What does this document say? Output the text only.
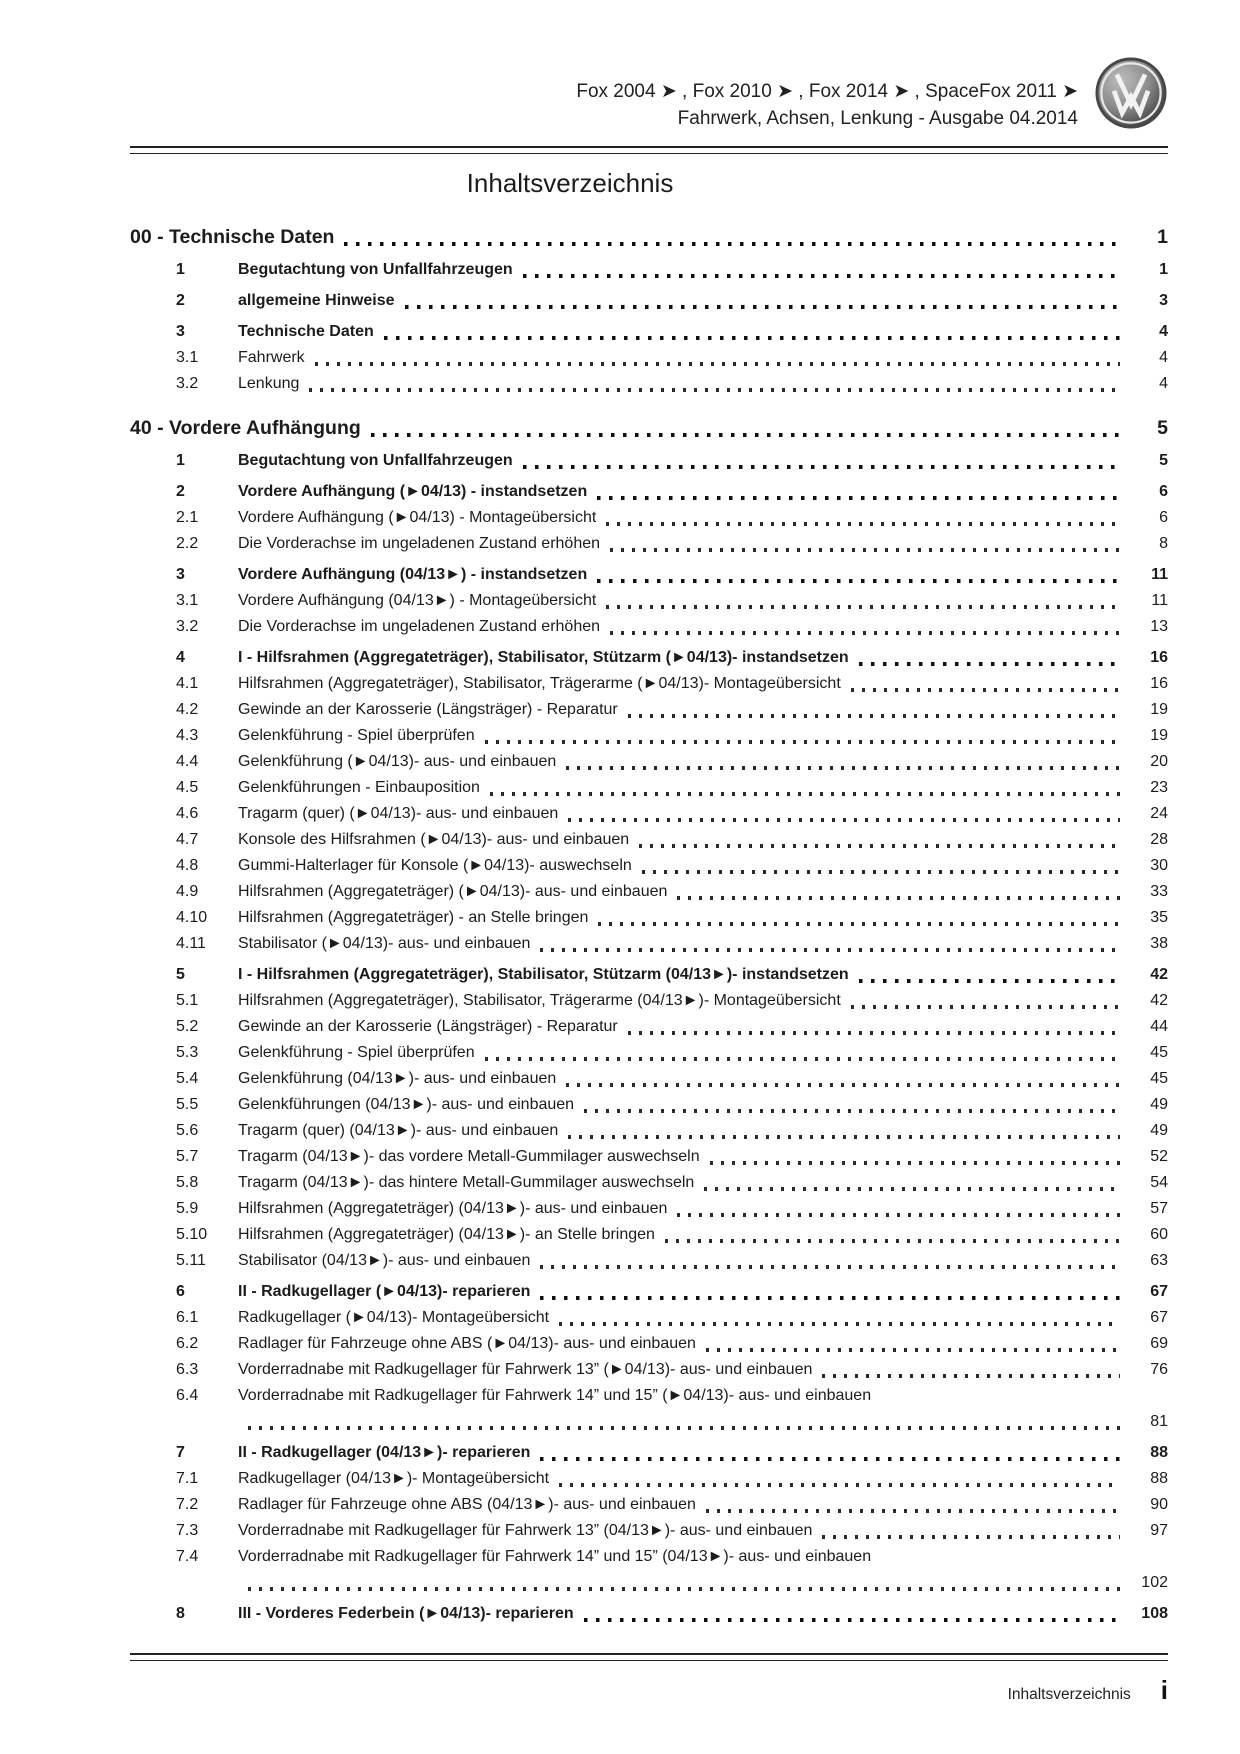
Fox 2004 ➤ , Fox 2010 ➤ , Fox 2014 ➤ , SpaceFox 2011 ➤
Fahrwerk, Achsen, Lenkung - Ausgabe 04.2014
Inhaltsverzeichnis
00 - Technische Daten	1
1	Begutachtung von Unfallfahrzeugen	1
2	allgemeine Hinweise	3
3	Technische Daten	4
3.1	Fahrwerk	4
3.2	Lenkung	4
40 - Vordere Aufhängung	5
1	Begutachtung von Unfallfahrzeugen	5
2	Vordere Aufhängung (►04/13) - instandsetzen	6
2.1	Vordere Aufhängung (►04/13) - Montageübersicht	6
2.2	Die Vorderachse im ungeladenen Zustand erhöhen	8
3	Vordere Aufhängung (04/13►) - instandsetzen	11
3.1	Vordere Aufhängung (04/13►) - Montageübersicht	11
3.2	Die Vorderachse im ungeladenen Zustand erhöhen	13
4	I - Hilfsrahmen (Aggregateträger), Stabilisator, Stützarm (►04/13)- instandsetzen	16
4.1	Hilfsrahmen (Aggregateträger), Stabilisator, Trägerarme (►04/13)- Montageübersicht	16
4.2	Gewinde an der Karosserie (Längsträger) - Reparatur	19
4.3	Gelenkführung - Spiel überprüfen	19
4.4	Gelenkführung (►04/13)- aus- und einbauen	20
4.5	Gelenkführungen - Einbauposition	23
4.6	Tragarm (quer) (►04/13)- aus- und einbauen	24
4.7	Konsole des Hilfsrahmen (►04/13)- aus- und einbauen	28
4.8	Gummi-Halterlager für Konsole (►04/13)- auswechseln	30
4.9	Hilfsrahmen (Aggregateträger) (►04/13)- aus- und einbauen	33
4.10	Hilfsrahmen (Aggregateträger) - an Stelle bringen	35
4.11	Stabilisator (►04/13)- aus- und einbauen	38
5	I - Hilfsrahmen (Aggregateträger), Stabilisator, Stützarm (04/13►)- instandsetzen	42
5.1	Hilfsrahmen (Aggregateträger), Stabilisator, Trägerarme (04/13►)- Montageübersicht	42
5.2	Gewinde an der Karosserie (Längsträger) - Reparatur	44
5.3	Gelenkführung - Spiel überprüfen	45
5.4	Gelenkführung (04/13►)- aus- und einbauen	45
5.5	Gelenkführungen (04/13►)- aus- und einbauen	49
5.6	Tragarm (quer) (04/13►)- aus- und einbauen	49
5.7	Tragarm (04/13►)- das vordere Metall-Gummilager auswechseln	52
5.8	Tragarm (04/13►)- das hintere Metall-Gummilager auswechseln	54
5.9	Hilfsrahmen (Aggregateträger) (04/13►)- aus- und einbauen	57
5.10	Hilfsrahmen (Aggregateträger) (04/13►)- an Stelle bringen	60
5.11	Stabilisator (04/13►)- aus- und einbauen	63
6	II - Radkugellager (►04/13)- reparieren	67
6.1	Radkugellager (►04/13)- Montageübersicht	67
6.2	Radlager für Fahrzeuge ohne ABS (►04/13)- aus- und einbauen	69
6.3	Vorderradnabe mit Radkugellager für Fahrwerk 13” (►04/13)- aus- und einbauen	76
6.4	Vorderradnabe mit Radkugellager für Fahrwerk 14” und 15” (►04/13)- aus- und einbauen
81
7	II - Radkugellager (04/13►)- reparieren	88
7.1	Radkugellager (04/13►)- Montageübersicht	88
7.2	Radlager für Fahrzeuge ohne ABS (04/13►)- aus- und einbauen	90
7.3	Vorderradnabe mit Radkugellager für Fahrwerk 13” (04/13►)- aus- und einbauen	97
7.4	Vorderradnabe mit Radkugellager für Fahrwerk 14” und 15” (04/13►)- aus- und einbauen
102
8	III - Vorderes Federbein (►04/13)- reparieren	108
Inhaltsverzeichnis i
